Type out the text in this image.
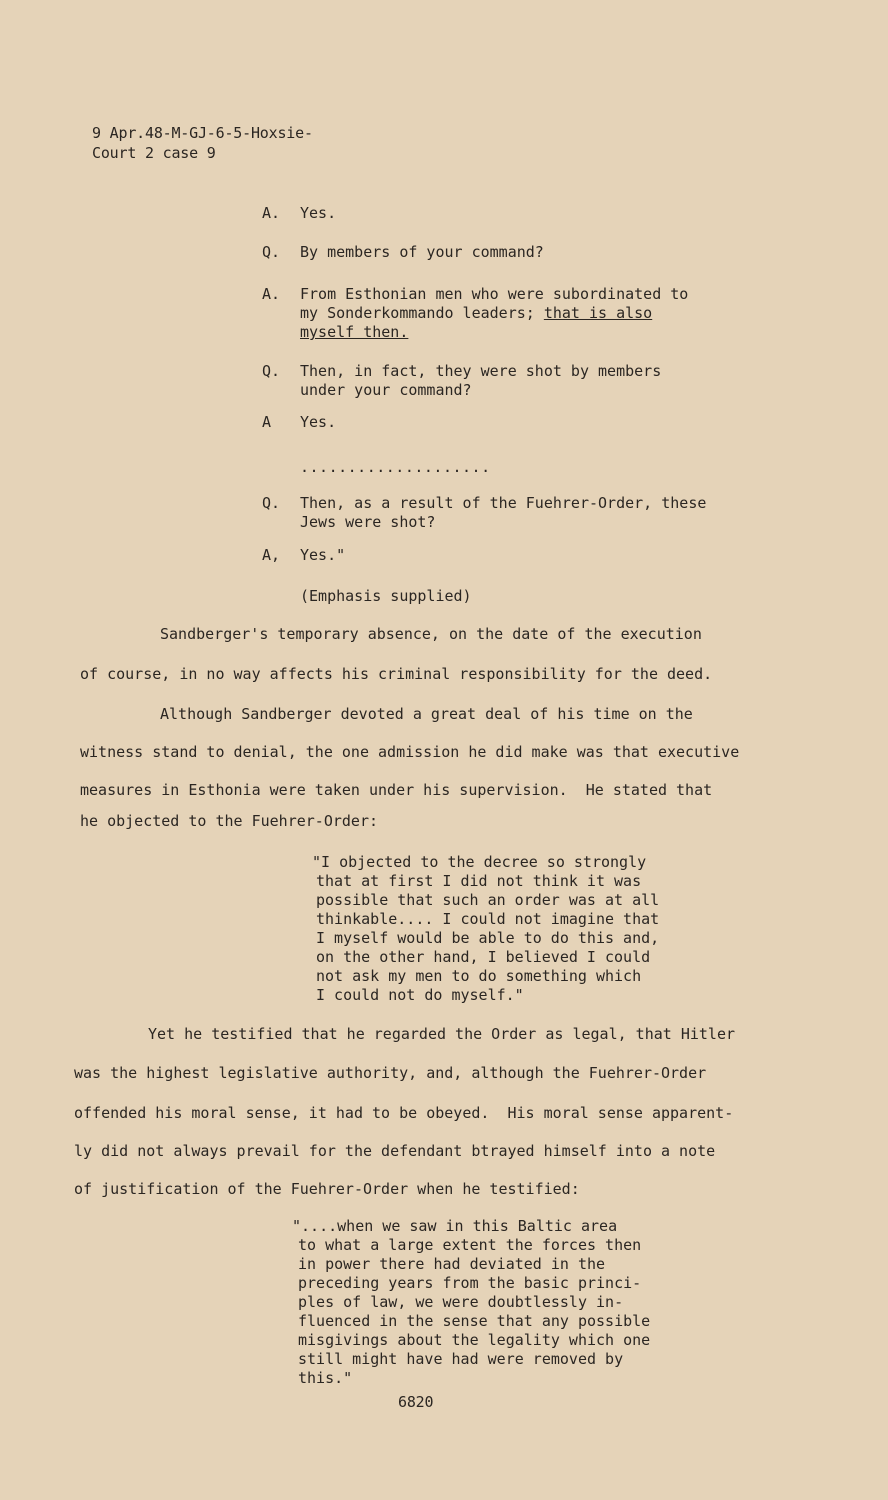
9 Apr.48-M-GJ-6-5-Hoxsie-
Court 2 case 9
A. Yes.
Q. By members of your command?
A. From Esthonian men who were subordinated to
my Sonderkommando leaders; that is also
myself then.
Q. Then, in fact, they were shot by members
under your command?
A Yes.
....................
Q. Then, as a result of the Fuehrer-Order, these
Jews were shot?
A, Yes."
(Emphasis supplied)
Sandberger's temporary absence, on the date of the execution
of course, in no way affects his criminal responsibility for the deed.
Although Sandberger devoted a great deal of his time on the
witness stand to denial, the one admission he did make was that executive
measures in Esthonia were taken under his supervision.  He stated that
he objected to the Fuehrer-Order:
"I objected to the decree so strongly
that at first I did not think it was
possible that such an order was at all
thinkable.... I could not imagine that
I myself would be able to do this and,
on the other hand, I believed I could
not ask my men to do something which
I could not do myself."
Yet he testified that he regarded the Order as legal, that Hitler
was the highest legislative authority, and, although the Fuehrer-Order
offended his moral sense, it had to be obeyed.  His moral sense apparent-
ly did not always prevail for the defendant btrayed himself into a note
of justification of the Fuehrer-Order when he testified:
"....when we saw in this Baltic area
to what a large extent the forces then
in power there had deviated in the
preceding years from the basic princi-
ples of law, we were doubtlessly in-
fluenced in the sense that any possible
misgivings about the legality which one
still might have had were removed by
this."
6820
